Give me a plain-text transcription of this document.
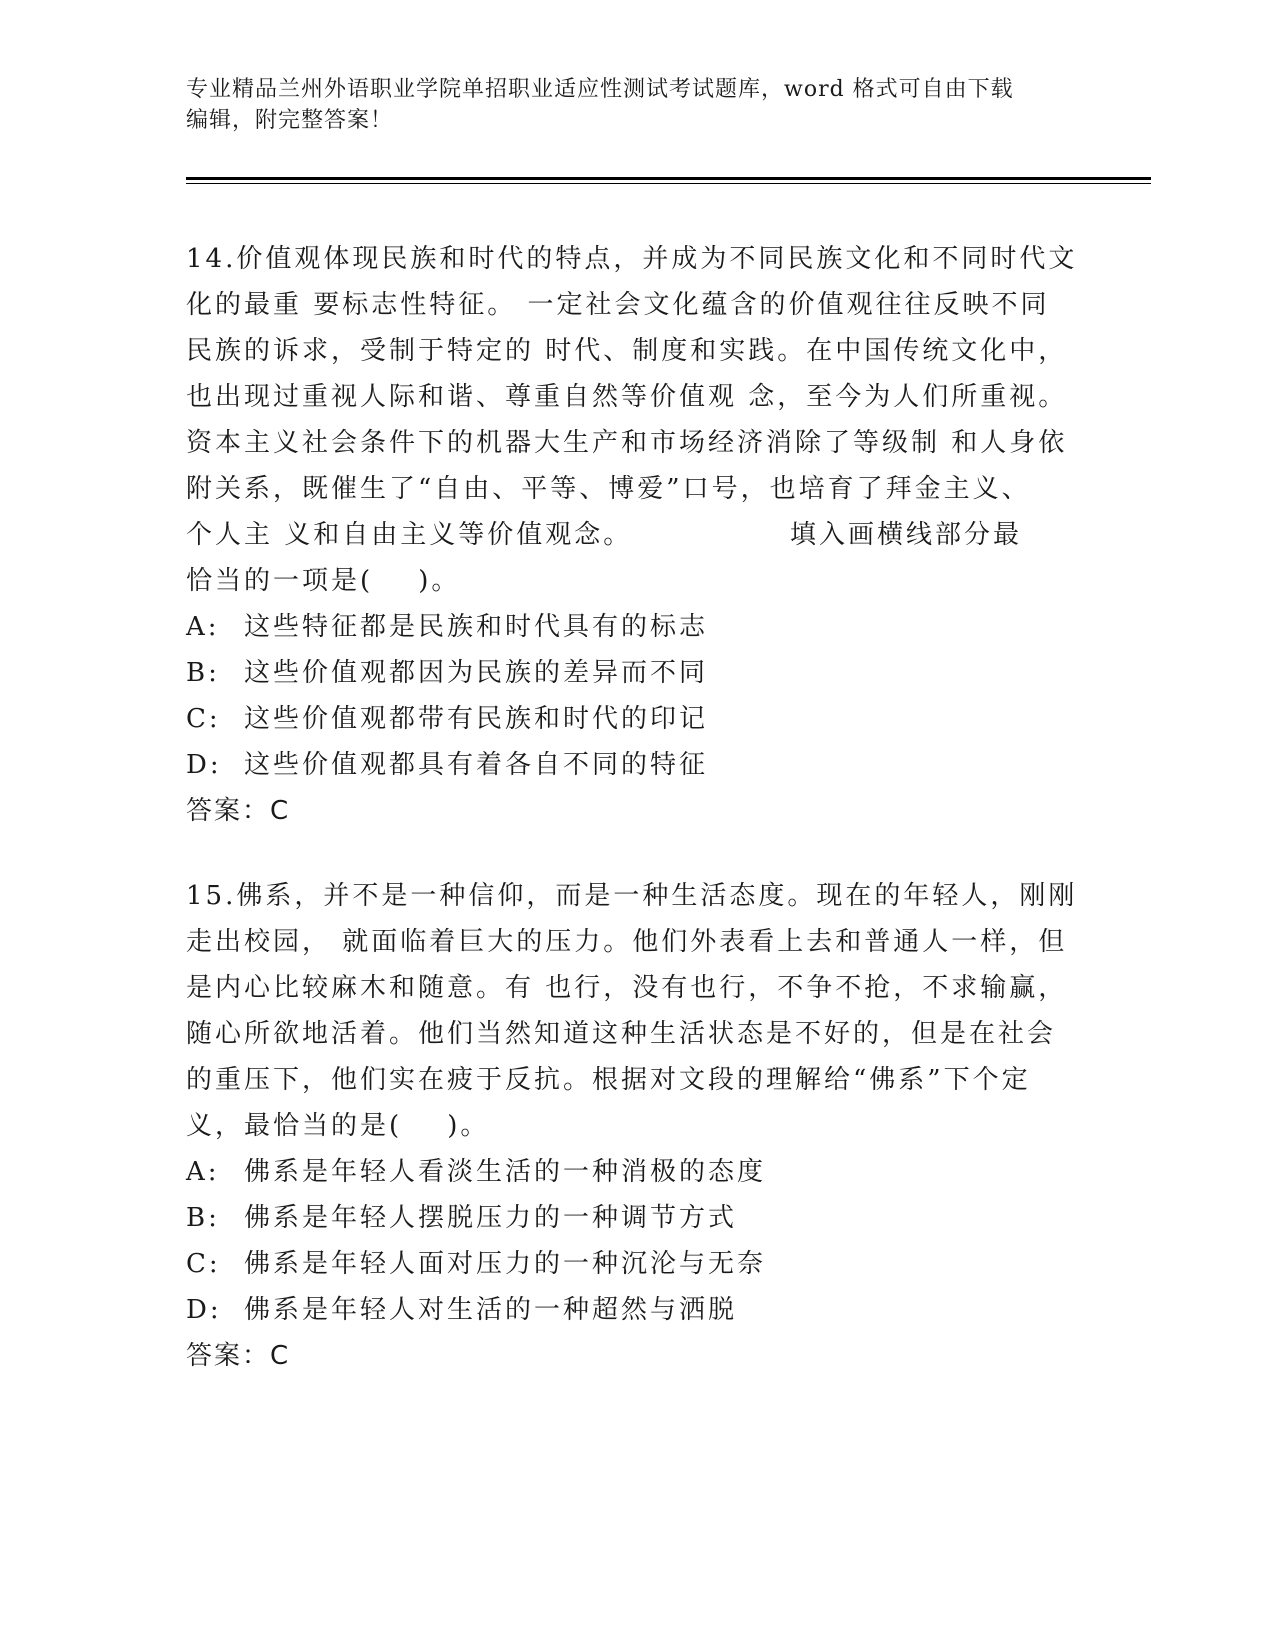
专业精品兰州外语职业学院单招职业适应性测试考试题库，word 格式可自由下载
编辑，附完整答案！
14.价值观体现民族和时代的特点，并成为不同民族文化和不同时代文
化的最重 要标志性特征。 一定社会文化蕴含的价值观往往反映不同
民族的诉求，受制于特定的 时代、制度和实践。在中国传统文化中，
也出现过重视人际和谐、尊重自然等价值观 念，至今为人们所重视。
资本主义社会条件下的机器大生产和市场经济消除了等级制 和人身依
附关系，既催生了“自由、平等、博爱”口号，也培育了拜金主义、
个人主 义和自由主义等价值观念。              填入画横线部分最
恰当的一项是(    )。
A: 这些特征都是民族和时代具有的标志
B: 这些价值观都因为民族的差异而不同
C: 这些价值观都带有民族和时代的印记
D: 这些价值观都具有着各自不同的特征
答案：C
15.佛系，并不是一种信仰，而是一种生活态度。现在的年轻人，刚刚
走出校园， 就面临着巨大的压力。他们外表看上去和普通人一样，但
是内心比较麻木和随意。有 也行，没有也行，不争不抢，不求输赢，
随心所欲地活着。他们当然知道这种生活状态是不好的，但是在社会
的重压下，他们实在疲于反抗。根据对文段的理解给“佛系”下个定
义，最恰当的是(    )。
A: 佛系是年轻人看淡生活的一种消极的态度
B: 佛系是年轻人摆脱压力的一种调节方式
C: 佛系是年轻人面对压力的一种沉沦与无奈
D: 佛系是年轻人对生活的一种超然与洒脱
答案：C
